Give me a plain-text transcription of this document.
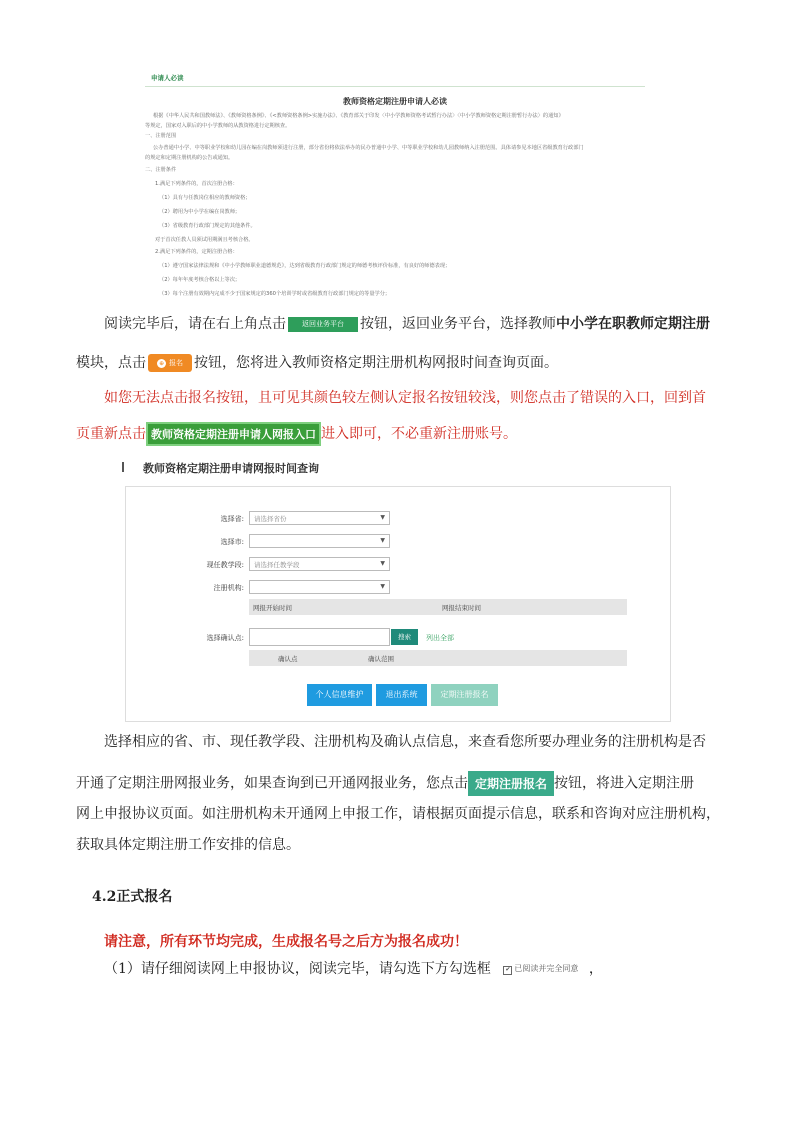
申请人必读
教师资格定期注册申请人必读
根据《中华人民共和国教师法》、《教师资格条例》、《<教师资格条例>实施办法》、《教育部关于印发〈中小学教师资格考试暂行办法〉〈中小学教师资格定期注册暂行办法〉的通知》
等规定，国家对入职后的中小学教师的从教资格进行定期核查。
一、注册范围
公办普通中小学、中等职业学校和幼儿园在编在岗教师须进行注册，部分省份将依法举办的民办普通中小学、中等职业学校和幼儿园教师纳入注册范围。具体请参见本地区省级教育行政部门
的规定和定期注册机构的公告或通知。
二、注册条件
1.满足下列条件的，首次注册合格：
（1）具有与任教岗位相应的教师资格；
（2）聘用为中小学在编在岗教师；
（3）省级教育行政部门规定的其他条件。
对于首次任教人员须试用期满且考核合格。
2.满足下列条件的，定期注册合格：
（1）遵守国家法律法规和《中小学教师职业道德规范》，达到省级教育行政部门规定的师德考核评价标准，有良好的师德表现；
（2）每年年度考核合格以上等次；
（3）每个注册有效期内完成不少于国家规定的360个培训学时或省级教育行政部门规定的等量学分；
阅读完毕后，请在右上角点击 返回业务平台 按钮，返回业务平台，选择教师中小学在职教师定期注册
模块，点击 ⊕ 报名 按钮，您将进入教师资格定期注册机构网报时间查询页面。
如您无法点击报名按钮，且可见其颜色较左侧认定报名按钮较浅，则您点击了错误的入口，回到首
页重新点击 教师资格定期注册申请人网报入口 进入即可，不必重新注册账号。
教师资格定期注册申请网报时间查询
选择省:	请选择省份	▼
选择市:	▼
现任教学段:	请选择任教学段	▼
注册机构:	▼
网报开始时间	网报结束时间
选择确认点:	搜索	列出全部
确认点	确认范围
个人信息维护	退出系统	定期注册报名
选择相应的省、市、现任教学段、注册机构及确认点信息，来查看您所要办理业务的注册机构是否
开通了定期注册网报业务，如果查询到已开通网报业务，您点击 定期注册报名 按钮，将进入定期注册
网上申报协议页面。如注册机构未开通网上申报工作，请根据页面提示信息，联系和咨询对应注册机构，
获取具体定期注册工作安排的信息。
4.2正式报名
请注意，所有环节均完成，生成报名号之后方为报名成功！
（1）请仔细阅读网上申报协议，阅读完毕，请勾选下方勾选框 ✔ 已阅读并完全同意 ，
